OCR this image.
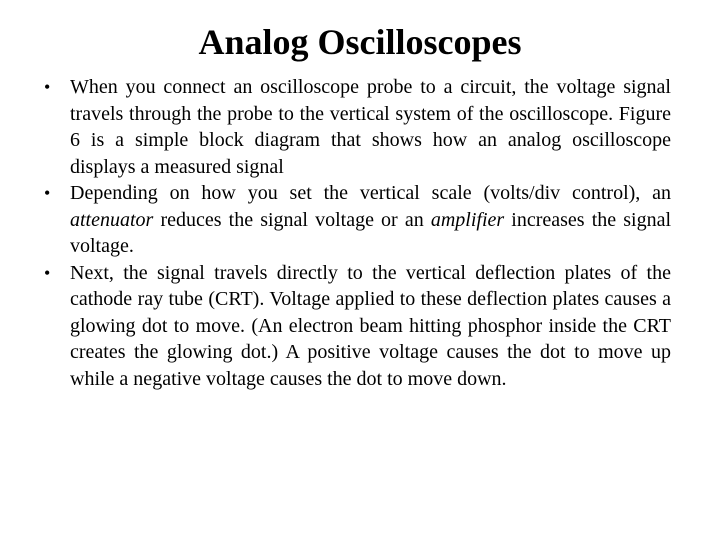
Analog Oscilloscopes
• When you connect an oscilloscope probe to a circuit, the voltage signal travels through the probe to the vertical system of the oscilloscope. Figure 6 is a simple block diagram that shows how an analog oscilloscope displays a measured signal
• Depending on how you set the vertical scale (volts/div control), an attenuator reduces the signal voltage or an amplifier increases the signal voltage.
• Next, the signal travels directly to the vertical deflection plates of the cathode ray tube (CRT). Voltage applied to these deflection plates causes a glowing dot to move. (An electron beam hitting phosphor inside the CRT creates the glowing dot.) A positive voltage causes the dot to move up while a negative voltage causes the dot to move down.
